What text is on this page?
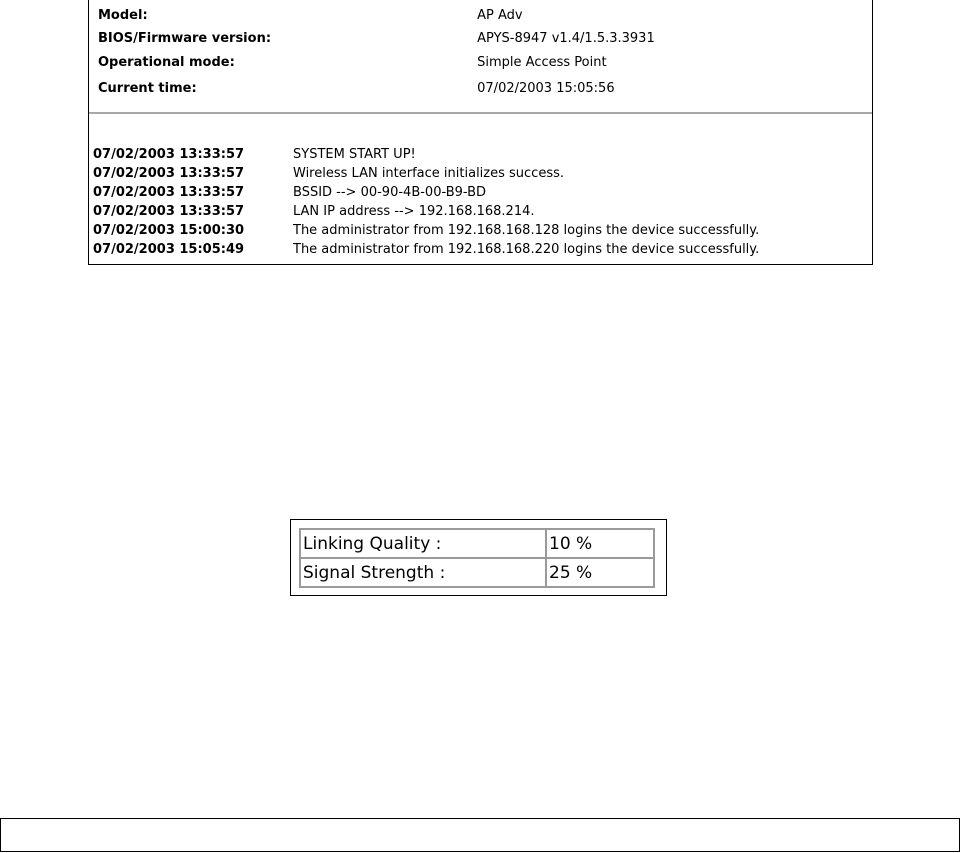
Model:	AP Adv
BIOS/Firmware version:	APYS-8947 v1.4/1.5.3.3931
Operational mode:	Simple Access Point
Current time:	07/02/2003 15:05:56
07/02/2003 13:33:57	SYSTEM START UP!
07/02/2003 13:33:57	Wireless LAN interface initializes success.
07/02/2003 13:33:57	BSSID --> 00-90-4B-00-B9-BD
07/02/2003 13:33:57	LAN IP address --> 192.168.168.214.
07/02/2003 15:00:30	The administrator from 192.168.168.128 logins the device successfully.
07/02/2003 15:05:49	The administrator from 192.168.168.220 logins the device successfully.
Linking Quality :	10 %
Signal Strength :	25 %
